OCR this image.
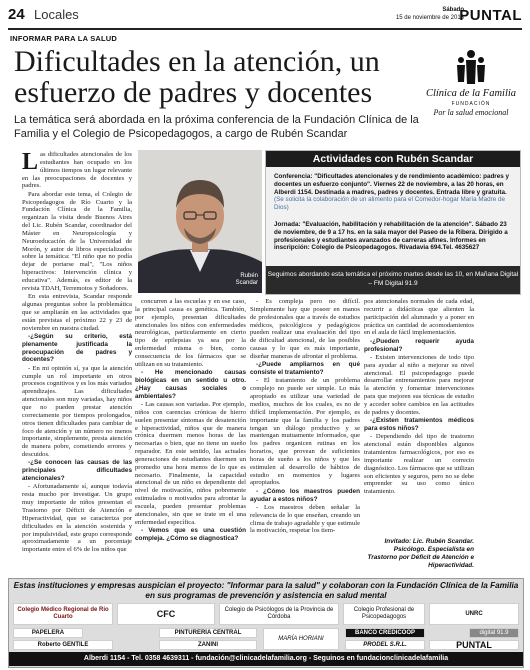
24 Locales	Sábado
15 de noviembre de 2013
PUNTAL
INFORMAR PARA LA SALUD
Dificultades en la atención, un esfuerzo de padres y docentes
La temática será abordada en la próxima conferencia de la Fundación Clínica de la Familia y el Colegio de Psicopedagogos, a cargo de Rubén Scandar
Clínica de la Familia
FUNDACIÓN
Por la salud emocional
Rubén
Scandar
Actividades con Rubén Scandar
Conferencia: "Dificultades atencionales y de rendimiento académico: padres y docentes un esfuerzo conjunto". Viernes 22 de noviembre, a las 20 horas, en Alberdi 1154. Destinada a madres, padres y docentes. Entrada libre y gratuita. (Se solicita la colaboración de un alimento para el Comedor-hogar María Madre de Dios)
Jornada: "Evaluación, habilitación y rehabilitación de la atención". Sábado 23 de noviembre, de 9 a 17 hs. en la sala mayor del Paseo de la Ribera. Dirigido a profesionales y estudiantes avanzados de carreras afines. Informes en inscripción: Colegio de Psicopedagogos. Rivadavia 694.Tel. 4635627
Seguimos abordando esta temática el próximo martes desde las 10, en Mañana Digital – FM Digital 91.9

Las dificultades atencionales de los estudiantes han ocupado en los últimos tiempos un lugar relevante en las preocupaciones de docentes y padres.

Para abordar este tema, el Colegio de Psicopedagogos de Río Cuarto y la Fundación Clínica de la Familia, organizan la visita desde Buenos Aires del Lic. Rubén Scandar, coordinador del Máster en Neuropsicología y Neuroeducación de la Universidad de Morón, y autor de libros especializados sobre la temática: "El niño que no podía dejar de portarse mal", "Los niños hiperactivos: Intervención clínica y educativa". Además, es editor de la revista TDAH, Terremotos y Soñadores.

En esta entrevista, Scandar responde algunas preguntas sobre la problemática que se ampliarán en las actividades que están previstas el próximo 22 y 23 de noviembre en nuestra ciudad.

-¿Según su criterio, está plenamente justificada la preocupación de padres y docentes?

- En mi opinión sí, ya que la atención cumple un rol importante en otros procesos cognitivos y es los más variados aprendizajes. Las dificultades atencionales son muy variadas, hay niños que no pueden prestar atención correctamente por tiempos prolongados, otros tienen dificultades para cambiar de foco de atención y un número no menos importante, simplemente, presta atención de manera pobre, cometiendo errores y descuidos.

-¿Se conocen las causas de las principales dificultades atencionales?

- Afortunadamente sí, aunque todavía resta mucho por investigar. Un grupo muy importante de niños presentan el Trastorno por Déficit de Atención e Hiperactividad, que se caracteriza por dificultades en la atención sostenida y por impulsividad, este grupo corresponde aproximadamente a un porcentaje importante entre el 6% de los niños que

concurren a las escuelas y en ese caso, la principal causa es genética. También, por ejemplo, presentan dificultades atencionales los niños con enfermedades neurológicas, particularmente en cierto tipo de epilepsias ya sea por la enfermedad misma o bien, como consecuencia de los fármacos que se utilizan en su tratamiento.

- He mencionado causas biológicas en un sentido u otro. ¿Hay causas sociales o ambientales?

- Las causas son variadas. Por ejemplo, niños con carencias crónicas de hierro suelen presentar síntomas de desatención e hiperactividad, niños que de manera crónica duermen menos horas de las necesarias o bien, que no tiene un sueño reparador. En este sentido, las actuales generaciones de estudiantes duermen un promedio una hora menos de lo que es necesario. Finalmente, la capacidad atencional de un niño es dependiente del nivel de motivación, niños pobremente estimulados o motivados para afrontar la escuela, pueden presentar problemas atencionales, sin que se trate en el una enfermedad específica.

- Vemos que es una cuestión compleja. ¿Cómo se diagnostica?

- Es compleja pero no difícil. Simplemente hay que poseer en manos de profesionales que a través de estudios médicos, psicológicos y pedagógicos pueden realizar una evaluación del tipo de dificultad atencional, de las posibles causas y lo que es más importante, diseñar maneras de afrontar el problema.

-¿Puede ampliarnos en qué consiste el tratamiento?

- El tratamiento de un problema complejo no puede ser simple. Lo más apropiado es utilizar una variedad de medios, muchos de los cuales, es no de difícil implementación. Por ejemplo, es importante que la familia y los padres tengan un diálogo productivo y se mantengan mutuamente informados, que los padres organicen rutinas en los horarios, que provean de suficientes horas de sueño a los niños y que les estimulen al desarrollo de hábitos de estudio en momentos y lugares apropiados.

- ¿Cómo los maestros pueden ayudar a estos niños?

- Los maestros deben señalar la relevancia de lo que enseñan, creando un clima de trabajo agradable y que estimule la motivación, respetar los tiem-

pos atencionales normales de cada edad, recurrir a didácticas que alienten la participación del alumnado y a poner en práctica un cantidad de acomodamientos en el aula de fácil implementación.

-¿Pueden requerir ayuda profesional?

- Existen intervenciones de todo tipo para ayudar al niño a mejorar su nivel atencional. El psicopedagogo puede desarrollar entrenamientos para mejorar la atención y fomentar intervenciones para que mejoren sus técnicas de estudio y acceder sobre cambios en las actitudes de padres y docentes.

-¿Existen tratamientos médicos para estos niños?

- Dependiendo del tipo de trastorno atencional están disponibles algunos tratamientos farmacológicos, por eso es importante realizar un correcto diagnóstico. Los fármacos que se utilizan son eficientes y seguros, pero no se debe emprender su uso como único tratamiento.

Invitado: Lic. Rubén Scandar. Psicólogo. Especialista en Trastorno por Déficit de Atención e Hiperactividad.
Estas instituciones y empresas auspician el proyecto: "Informar para la salud" y colaboran con la Fundación Clínica de la Familia en sus programas de prevención y asistencia en salud mental
Colegio Médico Regional de Río Cuarto	CFC	Colegio de Psicólogos de la Provincia de Córdoba
Colegio Profesional de Psicopedagogos
UNRC
PAPELERA	PINTURERÍA CENTRAL	BANCO CREDICOOP	digital 91.9
Roberto GENTILE	ZANINI
MARÍA HORIANI
PRODEL S.R.L.	PUNTAL
Alberdi 1154 - Tel. 0358 4639311 - fundación@clinicadelafamilia.org - Seguinos en fundacionclinicadelafamilia
